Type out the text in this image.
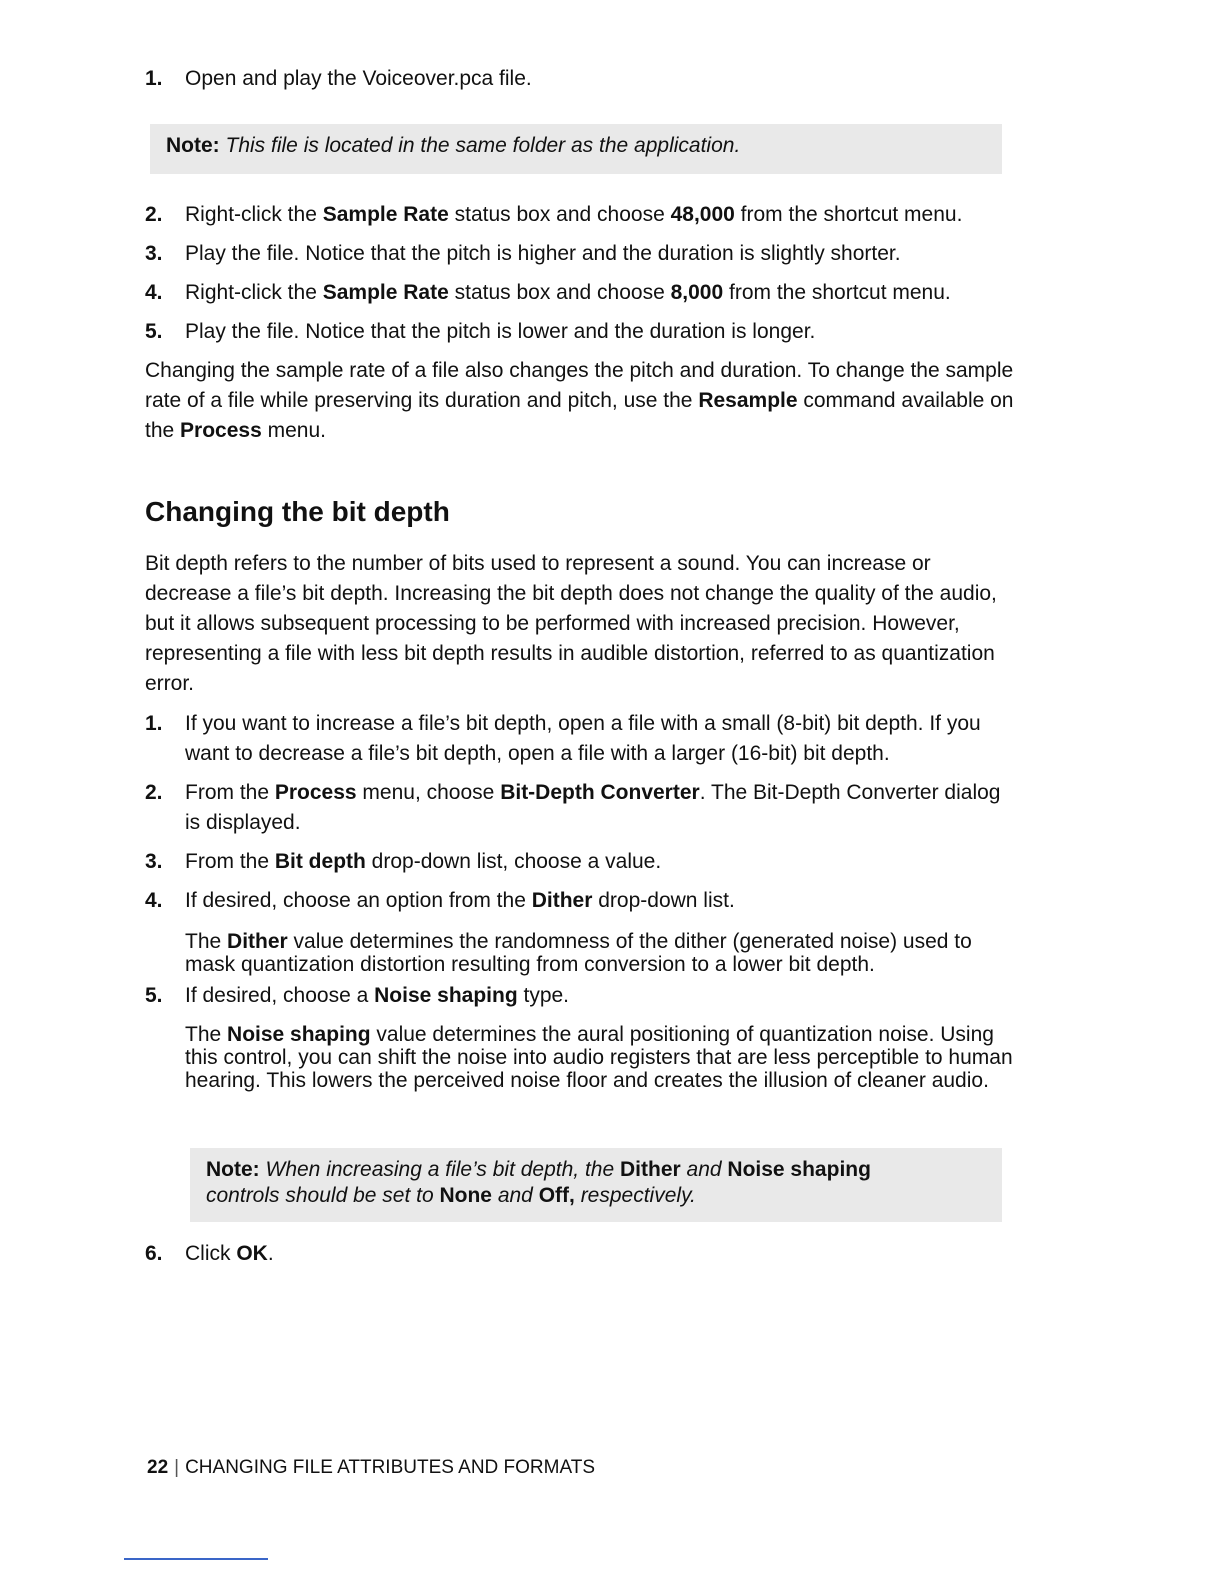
1.	Open and play the Voiceover.pca file.
Note: This file is located in the same folder as the application.
2.	Right-click the Sample Rate status box and choose 48,000 from the shortcut menu.
3.	Play the file. Notice that the pitch is higher and the duration is slightly shorter.
4.	Right-click the Sample Rate status box and choose 8,000 from the shortcut menu.
5.	Play the file. Notice that the pitch is lower and the duration is longer.
Changing the sample rate of a file also changes the pitch and duration. To change the sample rate of a file while preserving its duration and pitch, use the Resample command available on the Process menu.
Changing the bit depth
Bit depth refers to the number of bits used to represent a sound. You can increase or decrease a file’s bit depth. Increasing the bit depth does not change the quality of the audio, but it allows subsequent processing to be performed with increased precision. However, representing a file with less bit depth results in audible distortion, referred to as quantization error.
1.	If you want to increase a file’s bit depth, open a file with a small (8-bit) bit depth. If you want to decrease a file’s bit depth, open a file with a larger (16-bit) bit depth.
2.	From the Process menu, choose Bit-Depth Converter. The Bit-Depth Converter dialog is displayed.
3.	From the Bit depth drop-down list, choose a value.
4.	If desired, choose an option from the Dither drop-down list.
The Dither value determines the randomness of the dither (generated noise) used to mask quantization distortion resulting from conversion to a lower bit depth.
5.	If desired, choose a Noise shaping type.
The Noise shaping value determines the aural positioning of quantization noise. Using this control, you can shift the noise into audio registers that are less perceptible to human hearing. This lowers the perceived noise floor and creates the illusion of cleaner audio.
Note: When increasing a file’s bit depth, the Dither and Noise shaping controls should be set to None and Off, respectively.
6.	Click OK.
22 | CHANGING FILE ATTRIBUTES AND FORMATS
